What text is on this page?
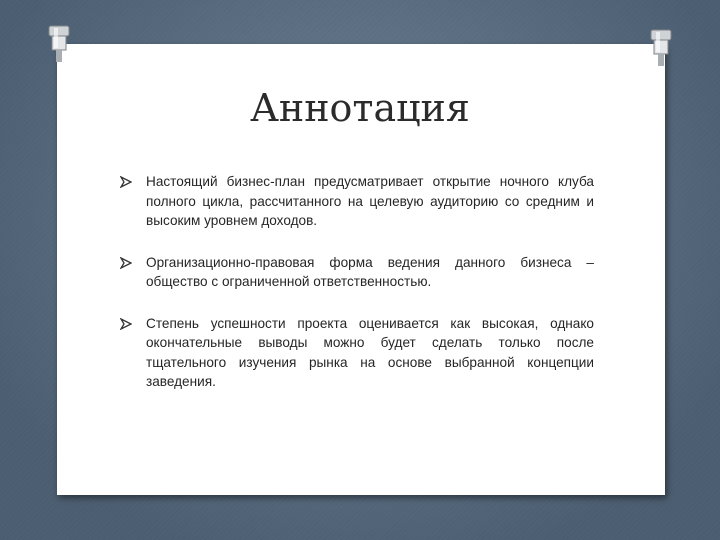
Аннотация
Настоящий бизнес-план предусматривает открытие ночного клуба полного цикла, рассчитанного на целевую аудиторию со средним и высоким уровнем доходов.
Организационно-правовая форма ведения данного бизнеса – общество с ограниченной ответственностью.
Степень успешности проекта оценивается как высокая, однако окончательные выводы можно будет сделать только после тщательного изучения рынка на основе выбранной концепции заведения.
